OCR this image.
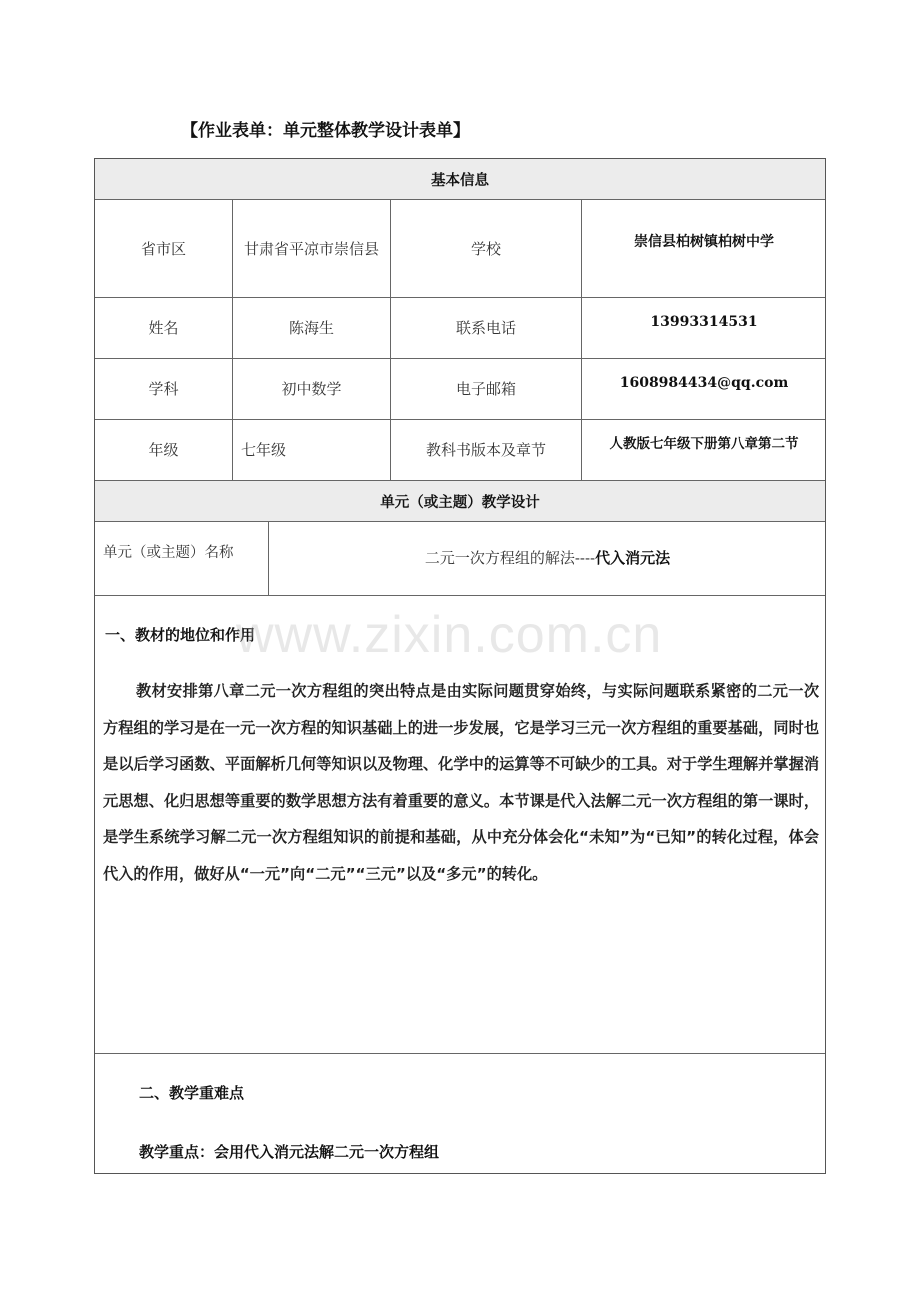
【作业表单：单元整体教学设计表单】
基本信息
省市区	甘肃省平凉市崇信县	学校	崇信县柏树镇柏树中学
姓名	陈海生	联系电话	13993314531
学科	初中数学	电子邮箱	1608984434@qq.com
年级	七年级	教科书版本及章节	人教版七年级下册第八章第二节
单元（或主题）教学设计
单元（或主题）名称	二元一次方程组的解法---- 代入消元法
一、教材的地位和作用
教材安排第八章二元一次方程组的突出特点是由实际问题贯穿始终，与实际问题联系紧密的二元一次方程组的学习是在一元一次方程的知识基础上的进一步发展，它是学习三元一次方程组的重要基础，同时也是以后学习函数、平面解析几何等知识以及物理、化学中的运算等不可缺少的工具。对于学生理解并掌握消元思想、化归思想等重要的数学思想方法有着重要的意义。本节课是代入法解二元一次方程组的第一课时，是学生系统学习解二元一次方程组知识的前提和基础，从中充分体会化“未知”为“已知”的转化过程，体会代入的作用，做好从“一元”向“二元”“三元”以及“多元”的转化。
二、教学重难点
教学重点：会用代入消元法解二元一次方程组
www.zixin.com.cn
